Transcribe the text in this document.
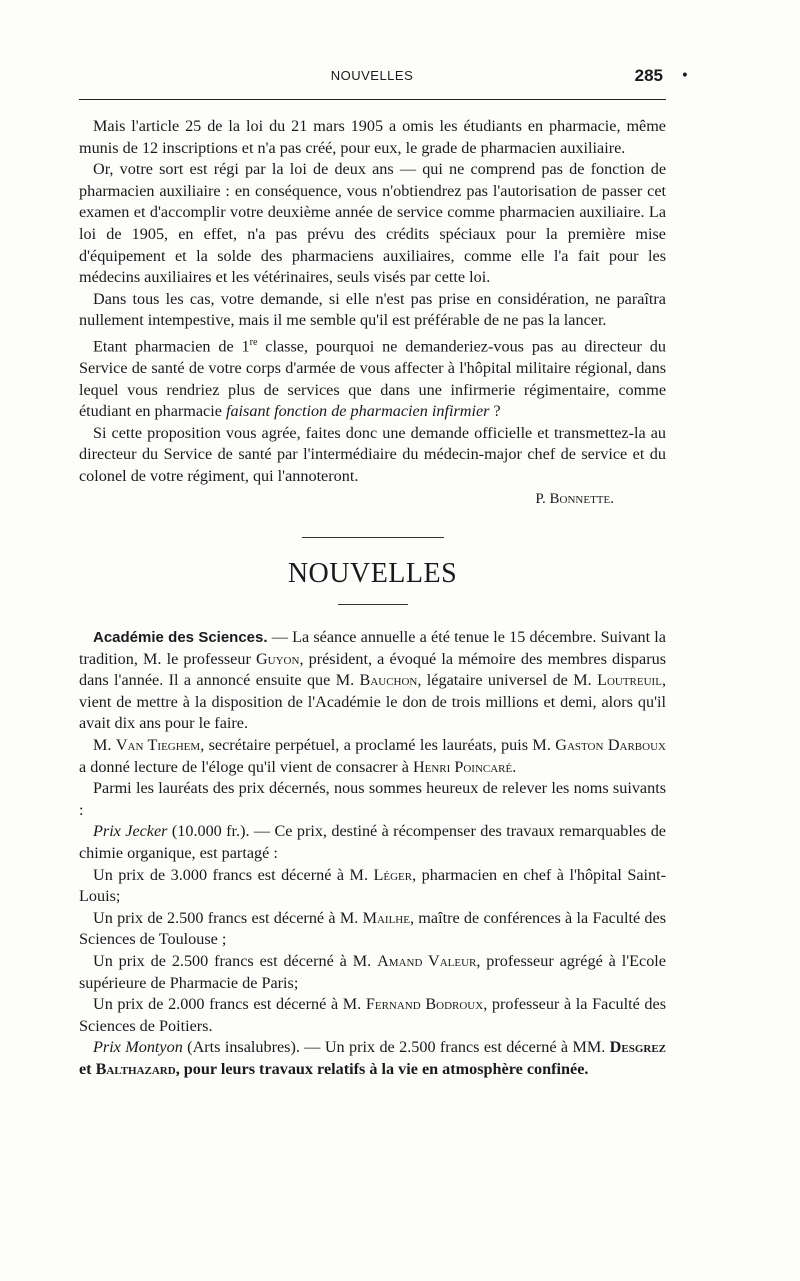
NOUVELLES	285 •

Mais l'article 25 de la loi du 21 mars 1905 a omis les étudiants en pharmacie, même munis de 12 inscriptions et n'a pas créé, pour eux, le grade de pharmacien auxiliaire.

Or, votre sort est régi par la loi de deux ans — qui ne comprend pas de fonction de pharmacien auxiliaire : en conséquence, vous n'obtiendrez pas l'autorisation de passer cet examen et d'accomplir votre deuxième année de service comme pharmacien auxiliaire. La loi de 1905, en effet, n'a pas prévu des crédits spéciaux pour la première mise d'équipement et la solde des pharmaciens auxiliaires, comme elle l'a fait pour les médecins auxiliaires et les vétérinaires, seuls visés par cette loi.

Dans tous les cas, votre demande, si elle n'est pas prise en considération, ne paraîtra nullement intempestive, mais il me semble qu'il est préférable de ne pas la lancer.

Etant pharmacien de 1re classe, pourquoi ne demanderiez-vous pas au directeur du Service de santé de votre corps d'armée de vous affecter à l'hôpital militaire régional, dans lequel vous rendriez plus de services que dans une infirmerie régimentaire, comme étudiant en pharmacie faisant fonction de pharmacien infirmier ?

Si cette proposition vous agrée, faites donc une demande officielle et transmettez-la au directeur du Service de santé par l'intermédiaire du médecin-major chef de service et du colonel de votre régiment, qui l'annoteront.

P. Bonnette.
NOUVELLES

Académie des Sciences. — La séance annuelle a été tenue le 15 décembre. Suivant la tradition, M. le professeur Guyon, président, a évoqué la mémoire des membres disparus dans l'année. Il a annoncé ensuite que M. Bauchon, légataire universel de M. Loutreuil, vient de mettre à la disposition de l'Académie le don de trois millions et demi, alors qu'il avait dix ans pour le faire.

M. Van Tieghem, secrétaire perpétuel, a proclamé les lauréats, puis M. Gaston Darboux a donné lecture de l'éloge qu'il vient de consacrer à Henri Poincaré.

Parmi les lauréats des prix décernés, nous sommes heureux de relever les noms suivants :

Prix Jecker (10.000 fr.). — Ce prix, destiné à récompenser des travaux remarquables de chimie organique, est partagé :

Un prix de 3.000 francs est décerné à M. Léger, pharmacien en chef à l'hôpital Saint-Louis;

Un prix de 2.500 francs est décerné à M. Mailhe, maître de conférences à la Faculté des Sciences de Toulouse ;

Un prix de 2.500 francs est décerné à M. Amand Valeur, professeur agrégé à l'Ecole supérieure de Pharmacie de Paris;

Un prix de 2.000 francs est décerné à M. Fernand Bodroux, professeur à la Faculté des Sciences de Poitiers.

Prix Montyon (Arts insalubres). — Un prix de 2.500 francs est décerné à MM. Desgrez et Balthazard, pour leurs travaux relatifs à la vie en atmosphère confinée.
